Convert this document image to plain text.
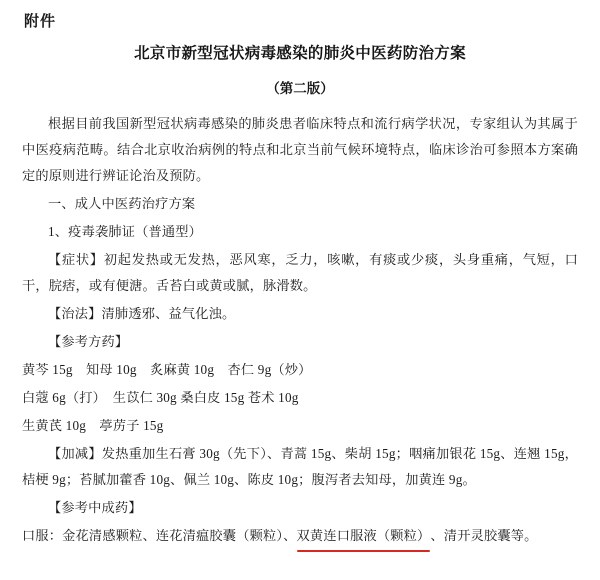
附件
北京市新型冠状病毒感染的肺炎中医药防治方案
（第二版）

根据目前我国新型冠状病毒感染的肺炎患者临床特点和流行病学状况，专家组认为其属于中医疫病范畴。结合北京收治病例的特点和北京当前气候环境特点，临床诊治可参照本方案确定的原则进行辨证论治及预防。

一、成人中医药治疗方案

1、疫毒袭肺证（普通型）

【症状】初起发热或无发热，恶风寒，乏力，咳嗽，有痰或少痰，头身重痛，气短，口干，脘痞，或有便溏。舌苔白或黄或腻，脉滑数。

【治法】清肺透邪、益气化浊。

【参考方药】

黄芩 15g　知母 10g　炙麻黄 10g　杏仁 9g（炒）

白蔻 6g（打）　生苡仁 30g 桑白皮 15g 苍术 10g

生黄芪 10g　葶苈子 15g

【加减】发热重加生石膏 30g（先下）、青蒿 15g、柴胡 15g；咽痛加银花 15g、连翘 15g，桔梗 9g；苔腻加藿香 10g、佩兰 10g、陈皮 10g；腹泻者去知母，加黄连 9g。

【参考中成药】

口服：金花清感颗粒、连花清瘟胶囊（颗粒）、双黄连口服液（颗粒）、清开灵胶囊等。
